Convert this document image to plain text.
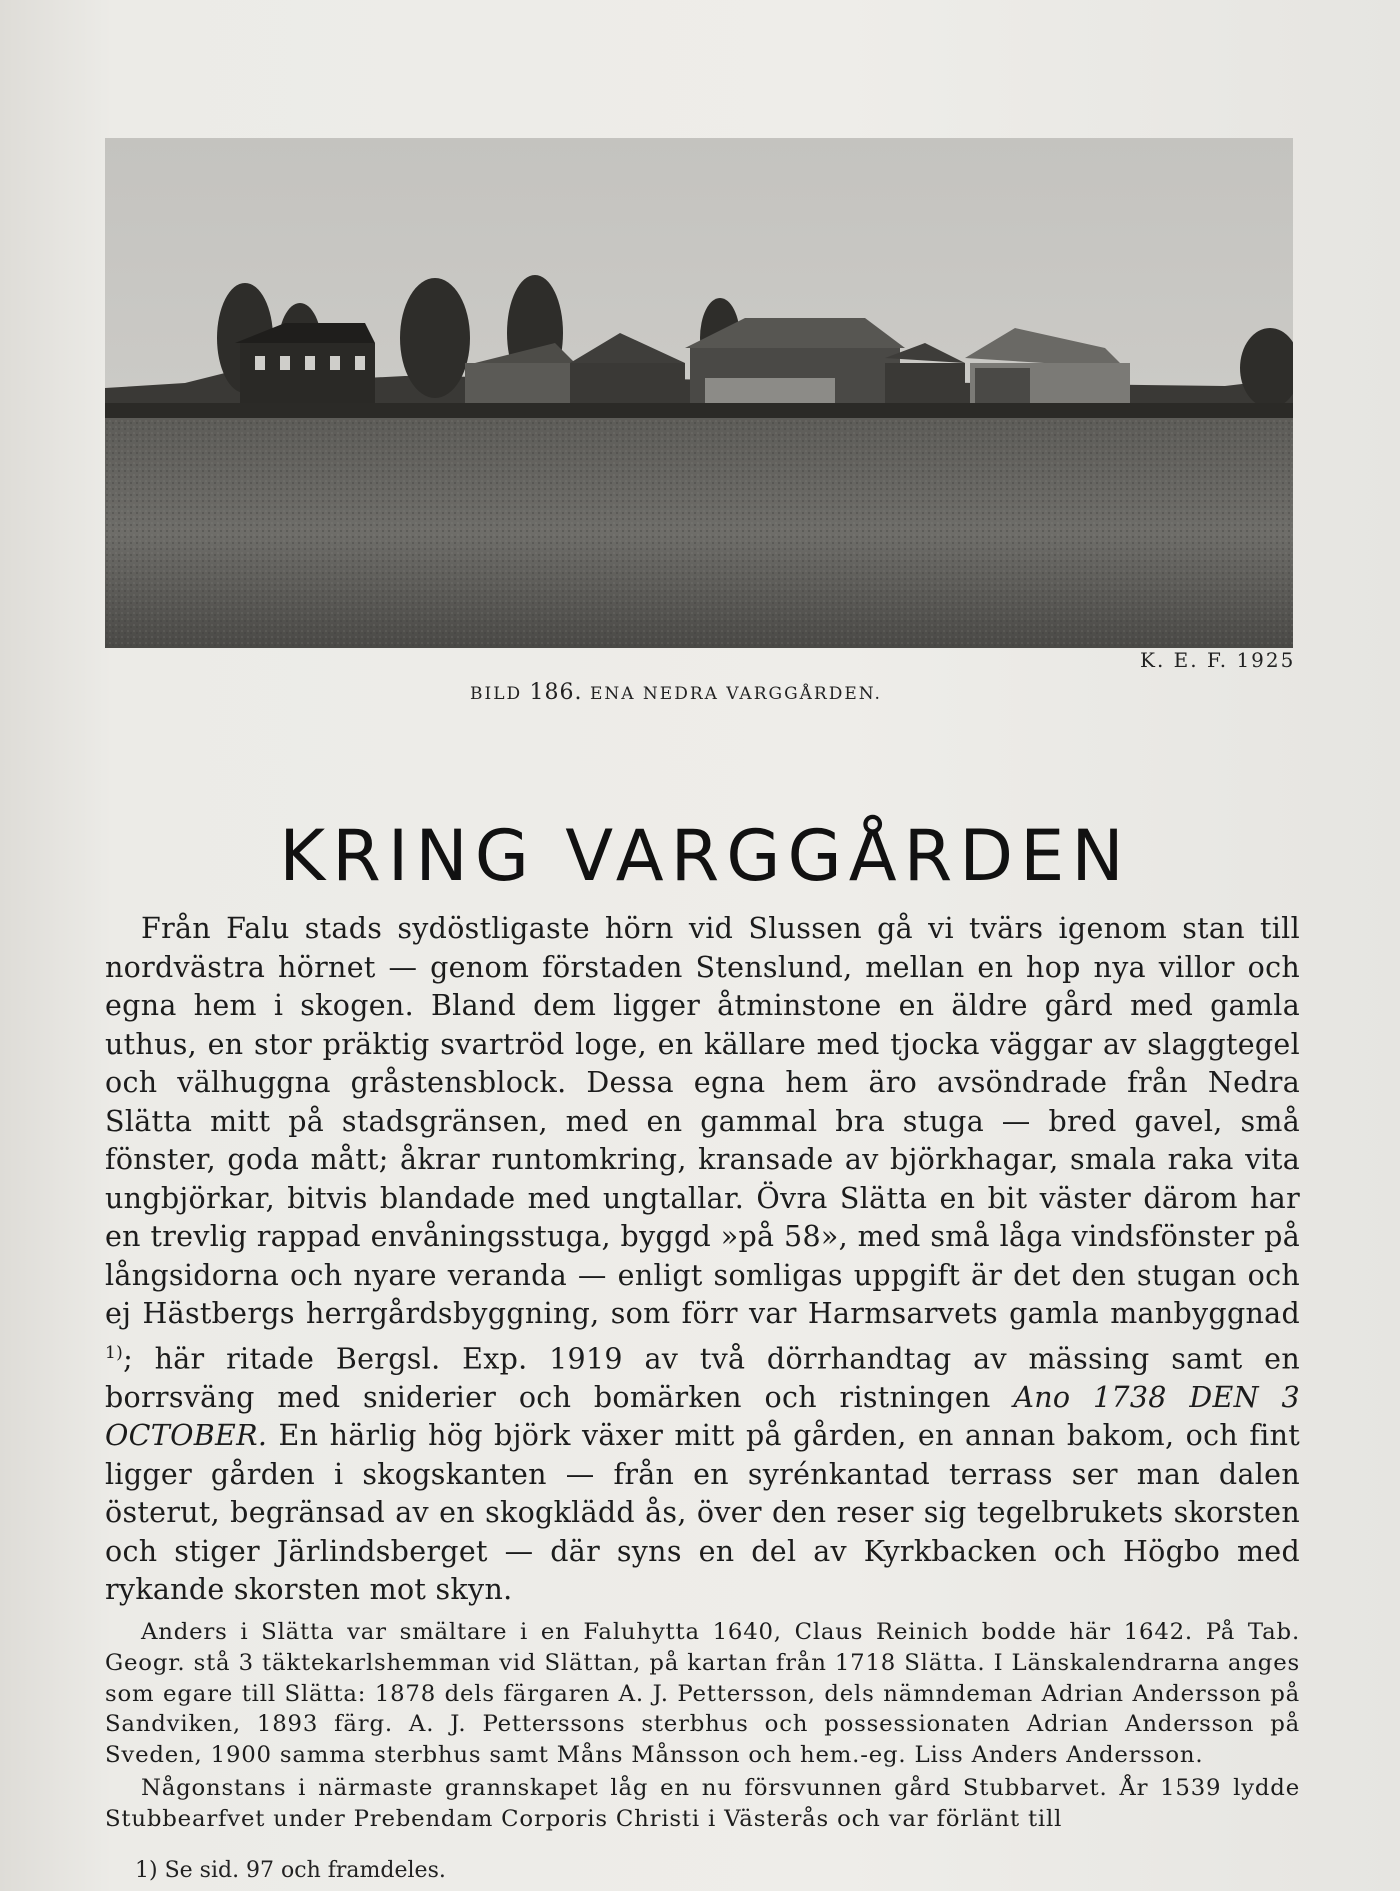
K. E. F. 1925
BILD 186. ENA NEDRA VARGGÅRDEN.
KRING VARGGÅRDEN

Från Falu stads sydöstligaste hörn vid Slussen gå vi tvärs igenom stan till nordvästra hörnet — genom förstaden Stenslund, mellan en hop nya villor och egna hem i skogen. Bland dem ligger åtminstone en äldre gård med gamla uthus, en stor präktig svartröd loge, en källare med tjocka väggar av slaggtegel och välhuggna gråstensblock. Dessa egna hem äro avsöndrade från Nedra Slätta mitt på stadsgränsen, med en gammal bra stuga — bred gavel, små fönster, goda mått; åkrar runtomkring, kransade av björkhagar, smala raka vita ungbjörkar, bitvis blandade med ungtallar. Övra Slätta en bit väster därom har en trevlig rappad envåningsstuga, byggd »på 58», med små låga vindsfönster på långsidorna och nyare veranda — enligt somligas uppgift är det den stugan och ej Hästbergs herrgårdsbyggning, som förr var Harmsarvets gamla manbyggnad $^{1)}$; här ritade Bergsl. Exp. 1919 av två dörrhandtag av mässing samt en borrsväng med sniderier och bomärken och ristningen Ano 1738 DEN 3 OCTOBER. En härlig hög björk växer mitt på gården, en annan bakom, och fint ligger gården i skogskanten — från en syrénkantad terrass ser man dalen österut, begränsad av en skogklädd ås, över den reser sig tegelbrukets skorsten och stiger Järlindsberget — där syns en del av Kyrkbacken och Högbo med rykande skorsten mot skyn.

Anders i Slätta var smältare i en Faluhytta 1640, Claus Reinich bodde här 1642. På Tab. Geogr. stå 3 täktekarlshemman vid Slättan, på kartan från 1718 Slätta. I Länskalendrarna anges som egare till Slätta: 1878 dels färgaren A. J. Pettersson, dels nämndeman Adrian Andersson på Sandviken, 1893 färg. A. J. Petterssons sterbhus och possessionaten Adrian Andersson på Sveden, 1900 samma sterbhus samt Måns Månsson och hem.-eg. Liss Anders Andersson.

Någonstans i närmaste grannskapet låg en nu försvunnen gård Stubbarvet. År 1539 lydde Stubbearfvet under Prebendam Corporis Christi i Västerås och var förlänt till

1) Se sid. 97 och framdeles.
